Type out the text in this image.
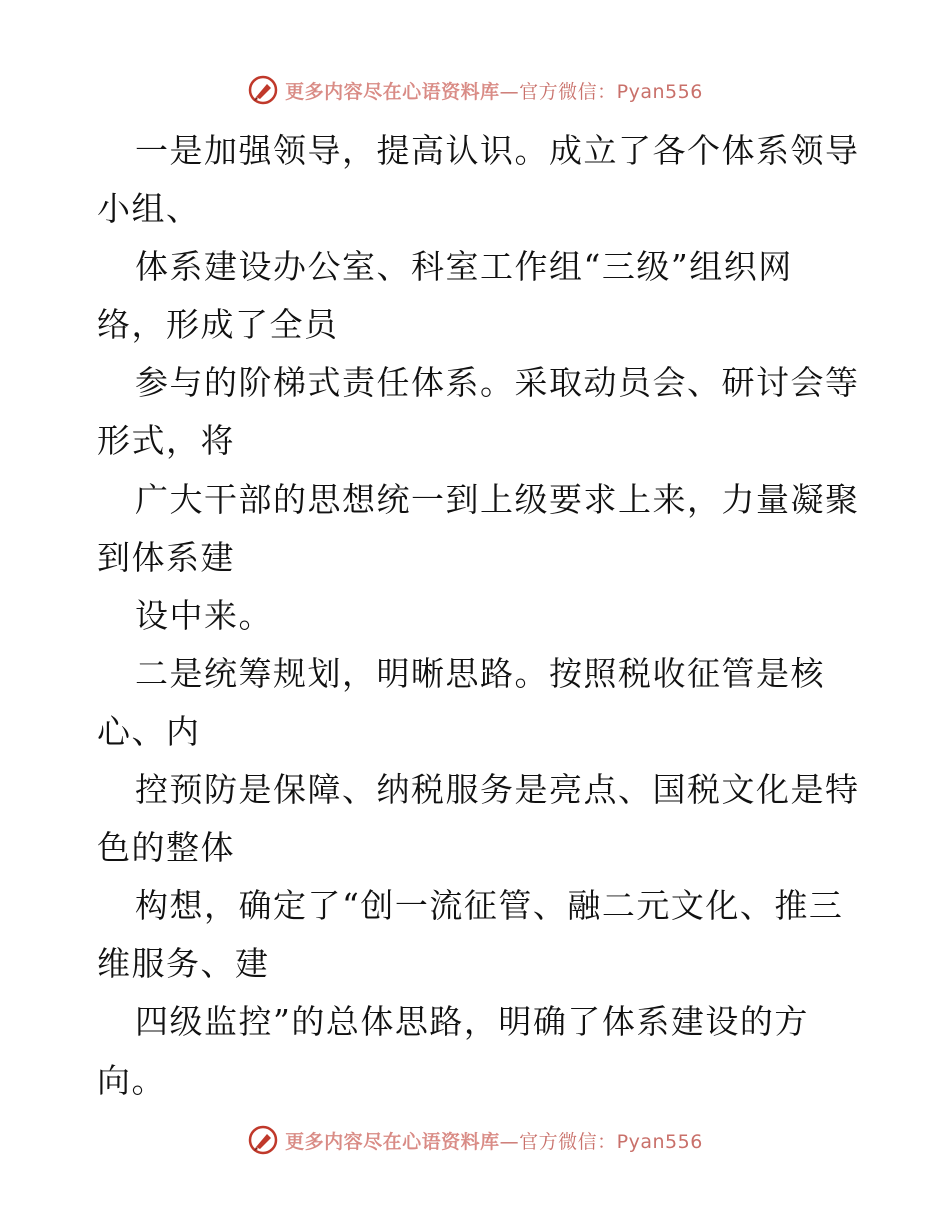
更多内容尽在心语资料库—官方微信：Pyan556
一是加强领导，提高认识。成立了各个体系领导
小组、
体系建设办公室、科室工作组“三级”组织网
络，形成了全员
参与的阶梯式责任体系。采取动员会、研讨会等
形式，将
广大干部的思想统一到上级要求上来，力量凝聚
到体系建
设中来。
二是统筹规划，明晰思路。按照税收征管是核
心、内
控预防是保障、纳税服务是亮点、国税文化是特
色的整体
构想，确定了“创一流征管、融二元文化、推三
维服务、建
四级监控”的总体思路，明确了体系建设的方
向。
更多内容尽在心语资料库—官方微信：Pyan556
